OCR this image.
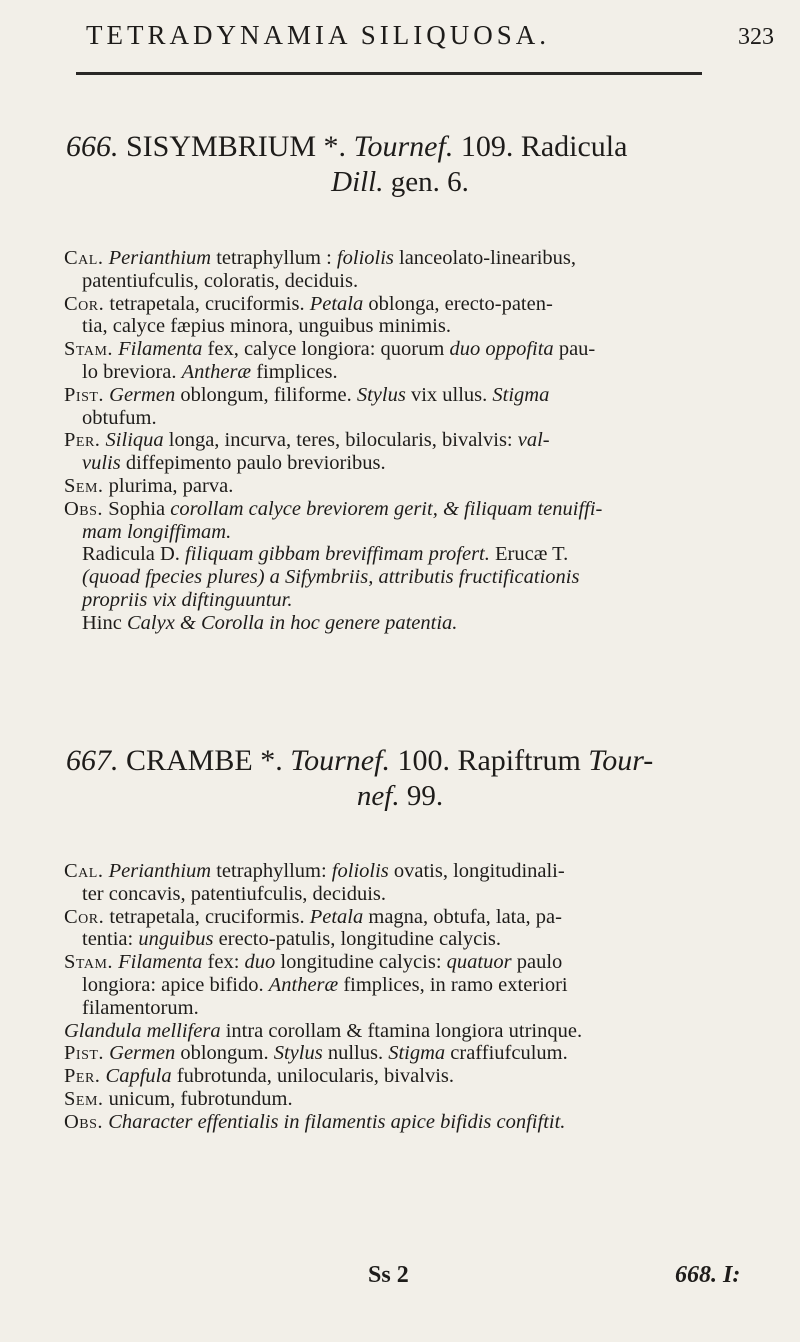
TETRADYNAMIA SILIQUOSA.	323
666. SISYMBRIUM *. Tournef. 109. Radicula
Dill. gen. 6.
Cal. Perianthium tetraphyllum : foliolis lanceolato-linearibus,
patentiufculis, coloratis, deciduis.
Cor. tetrapetala, cruciformis. Petala oblonga, erecto-paten-
tia, calyce fæpius minora, unguibus minimis.
Stam. Filamenta fex, calyce longiora: quorum duo oppofita pau-
lo breviora. Antheræ fimplices.
Pist. Germen oblongum, filiforme. Stylus vix ullus. Stigma
obtufum.
Per. Siliqua longa, incurva, teres, bilocularis, bivalvis: val-
vulis diffepimento paulo brevioribus.
Sem. plurima, parva.
Obs. Sophia corollam calyce breviorem gerit, & filiquam tenuiffi-
mam longiffimam.
Radicula D. filiquam gibbam breviffimam profert. Erucæ T.
(quoad fpecies plures) a Sifymbriis, attributis fructificationis
propriis vix diftinguuntur.
Hinc Calyx & Corolla in hoc genere patentia.
667. CRAMBE *. Tournef. 100. Rapiftrum Tour-
nef. 99.
Cal. Perianthium tetraphyllum: foliolis ovatis, longitudinali-
ter concavis, patentiufculis, deciduis.
Cor. tetrapetala, cruciformis. Petala magna, obtufa, lata, pa-
tentia: unguibus erecto-patulis, longitudine calycis.
Stam. Filamenta fex: duo longitudine calycis: quatuor paulo
longiora: apice bifido. Antheræ fimplices, in ramo exteriori
filamentorum.
Glandula mellifera intra corollam & ftamina longiora utrinque.
Pist. Germen oblongum. Stylus nullus. Stigma craffiufculum.
Per. Capfula fubrotunda, unilocularis, bivalvis.
Sem. unicum, fubrotundum.
Obs. Character effentialis in filamentis apice bifidis confiftit.
Ss 2	668. I:
